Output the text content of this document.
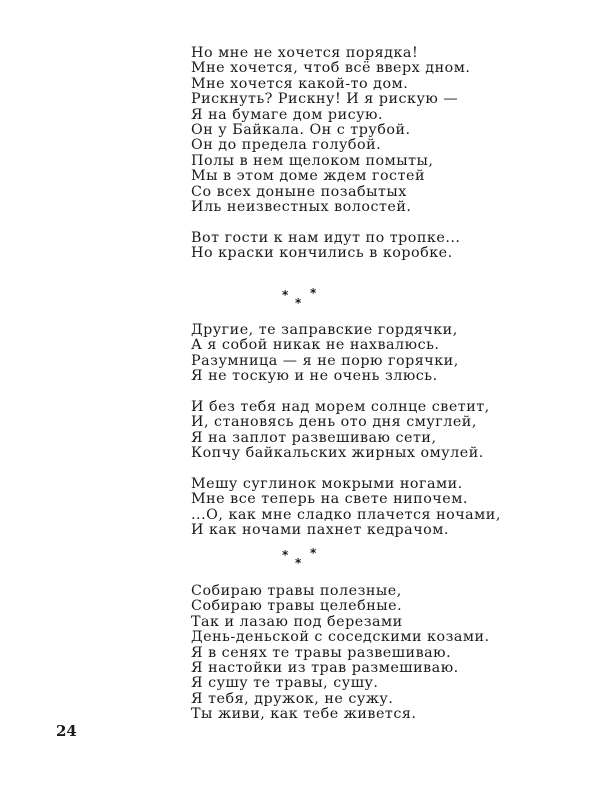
Но мне не хочется порядка!
Мне хочется, чтоб всё вверх дном.
Мне хочется какой-то дом.
Рискнуть? Рискну! И я рискую —
Я на бумаге дом рисую.
Он у Байкала. Он с трубой.
Он до предела голубой.
Полы в нем щелоком помыты,
Мы в этом доме ждем гостей
Со всех доныне позабытых
Иль неизвестных волостей.
Вот гости к нам идут по тропке...
Но краски кончились в коробке.
*
*
*
Другие, те заправские гордячки,
А я собой никак не нахвалюсь.
Разумница — я не порю горячки,
Я не тоскую и не очень злюсь.
И без тебя над морем солнце светит,
И, становясь день ото дня смуглей,
Я на заплот развешиваю сети,
Копчу байкальских жирных омулей.
Мешу суглинок мокрыми ногами.
Мне все теперь на свете нипочем.
...О, как мне сладко плачется ночами,
И как ночами пахнет кедрачом.
*
*
*
Собираю травы полезные,
Собираю травы целебные.
Так и лазаю под березами
День-деньской с соседскими козами.
Я в сенях те травы развешиваю.
Я настойки из трав размешиваю.
Я сушу те травы, сушу.
Я тебя, дружок, не сужу.
Ты живи, как тебе живется.
24
